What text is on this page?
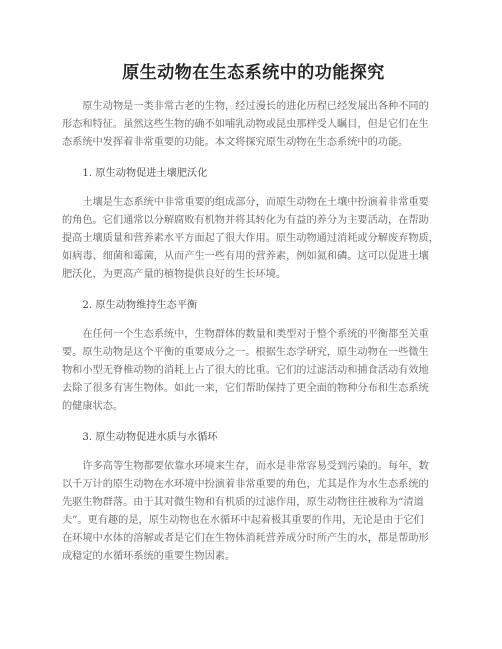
原生动物在生态系统中的功能探究

原生动物是一类非常古老的生物，经过漫长的进化历程已经发展出各种不同的
形态和特征。虽然这些生物的确不如哺乳动物或昆虫那样受人瞩目，但是它们在生
态系统中发挥着非常重要的功能。本文将探究原生动物在生态系统中的功能。

1. 原生动物促进土壤肥沃化

土壤是生态系统中非常重要的组成部分，而原生动物在土壤中扮演着非常重要
的角色。它们通常以分解腐败有机物并将其转化为有益的养分为主要活动，在帮助
提高土壤质量和营养素水平方面起了很大作用。原生动物通过消耗或分解废弃物质，
如病毒、细菌和霉菌，从而产生一些有用的营养素，例如氮和磷。这可以促进土壤
肥沃化，为更高产量的植物提供良好的生长环境。

2. 原生动物维持生态平衡

在任何一个生态系统中，生物群体的数量和类型对于整个系统的平衡都至关重
要。原生动物是这个平衡的重要成分之一。根据生态学研究，原生动物在一些微生
物和小型无脊椎动物的消耗上占了很大的比重。它们的过滤活动和捕食活动有效地
去除了很多有害生物体。如此一来，它们帮助保持了更全面的物种分布和生态系统
的健康状态。

3. 原生动物促进水质与水循环

许多高等生物都要依靠水环境来生存，而水是非常容易受到污染的。每年，数
以千万计的原生动物在水环境中扮演着非常重要的角色，尤其是作为水生态系统的
先驱生物群落。由于其对微生物和有机质的过滤作用，原生动物往往被称为“清道
夫”。更有趣的是，原生动物也在水循环中起着极其重要的作用，无论是由于它们
在环境中水体的溶解或者是它们在生物体消耗营养成分时所产生的水，都是帮助形
成稳定的水循环系统的重要生物因素。
